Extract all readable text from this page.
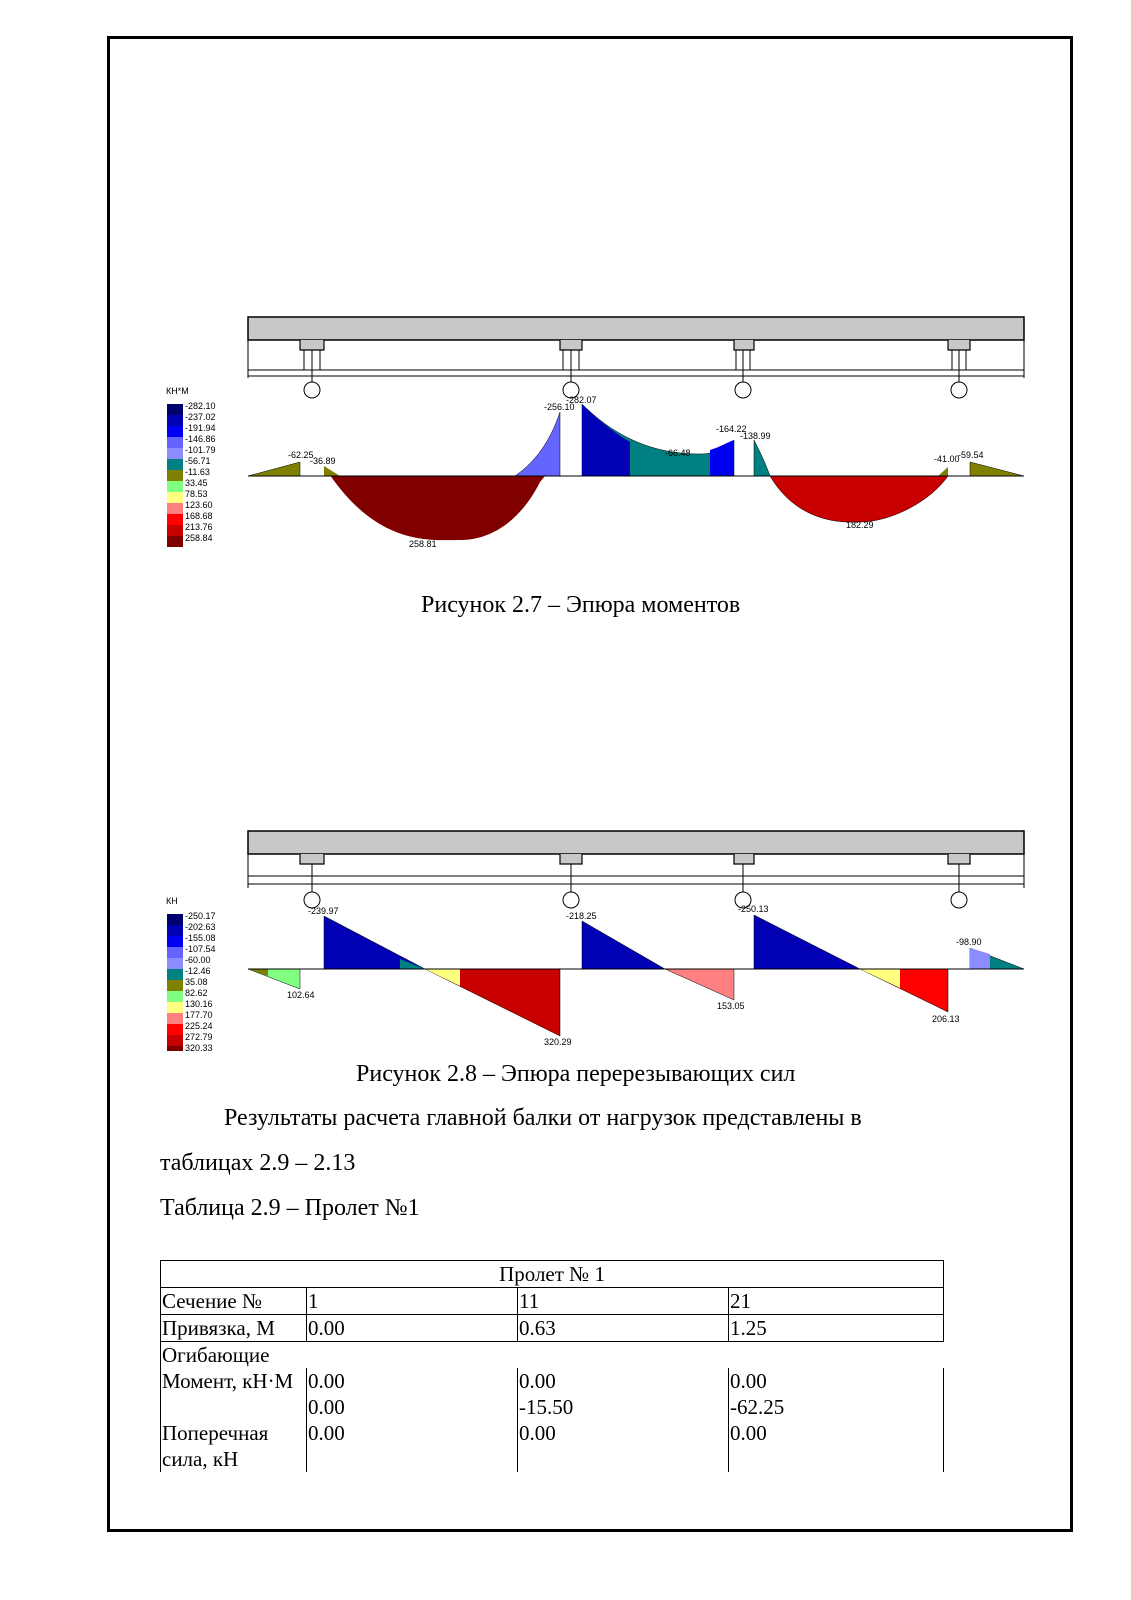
КН*М
-282.10
-237.02
-191.94
-146.86
-101.79
-56.71
-11.63
33.45
78.53
123.60
168.68
213.76
258.84
-62.25
-36.89
-256.10
-282.07
-66.48
-164.22
-138.99
-41.00
-59.54
258.81
182.29
Рисунок 2.7 – Эпюра моментов
КН
-250.17
-202.63
-155.08
-107.54
-60.00
-12.46
35.08
82.62
130.16
177.70
225.24
272.79
320.33
-239.97
102.64
320.29
-218.25
153.05
-250.13
206.13
-98.90
Рисунок 2.8 – Эпюра перерезывающих сил
Результаты расчета главной балки от нагрузок представлены в
таблицах 2.9 – 2.13
Таблица 2.9 – Пролет №1
Пролет № 1			
Сечение №	1	11	21
Привязка, М	0.00	0.63	1.25
Огибающие			
Момент, кН·М	0.00	0.00	0.00
	0.00	-15.50	-62.25
Поперечная	0.00	0.00	0.00
сила, кН			
